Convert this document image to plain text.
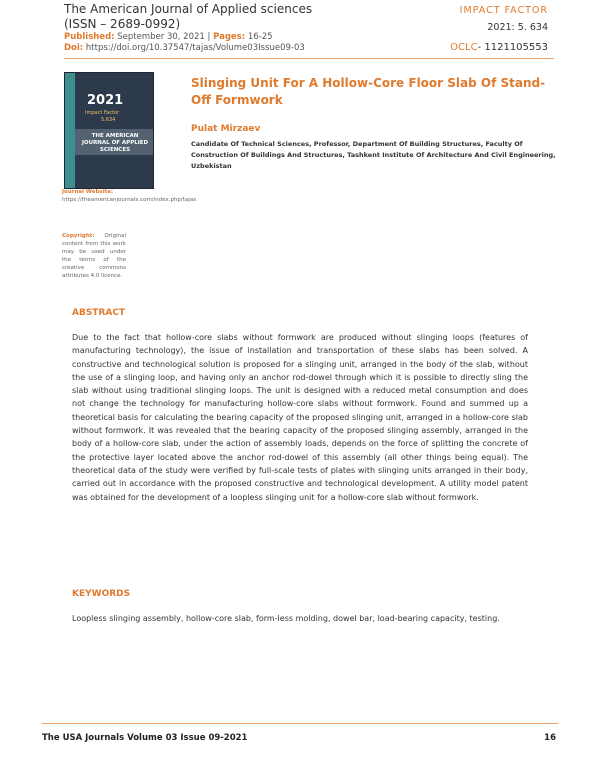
The American Journal of Applied sciences
(ISSN – 2689-0992)
Published: September 30, 2021 | Pages: 16-25
Doi: https://doi.org/10.37547/tajas/Volume03Issue09-03
IMPACT FACTOR
2021: 5. 634
OCLC- 1121105553
2021
Impact Factor
5.634
THE AMERICAN JOURNAL OF APPLIED SCIENCES
Journal Website: https://theamericanjournals.com/index.php/tajas
Copyright: Original content from this work may be used under the terms of the creative commons attributes 4.0 licence.
Slinging Unit For A Hollow-Core Floor Slab Of Stand-Off Formwork
Pulat Mirzaev
Candidate Of Technical Sciences, Professor, Department Of Building Structures, Faculty Of Construction Of Buildings And Structures, Tashkent Institute Of Architecture And Civil Engineering, Uzbekistan
ABSTRACT
Due to the fact that hollow-core slabs without formwork are produced without slinging loops (features of manufacturing technology), the issue of installation and transportation of these slabs has been solved. A constructive and technological solution is proposed for a slinging unit, arranged in the body of the slab, without the use of a slinging loop, and having only an anchor rod-dowel through which it is possible to directly sling the slab without using traditional slinging loops. The unit is designed with a reduced metal consumption and does not change the technology for manufacturing hollow-core slabs without formwork. Found and summed up a theoretical basis for calculating the bearing capacity of the proposed slinging unit, arranged in a hollow-core slab without formwork. It was revealed that the bearing capacity of the proposed slinging assembly, arranged in the body of a hollow-core slab, under the action of assembly loads, depends on the force of splitting the concrete of the protective layer located above the anchor rod-dowel of this assembly (all other things being equal). The theoretical data of the study were verified by full-scale tests of plates with slinging units arranged in their body, carried out in accordance with the proposed constructive and technological development. A utility model patent was obtained for the development of a loopless slinging unit for a hollow-core slab without formwork.
KEYWORDS
Loopless slinging assembly, hollow-core slab, form-less molding, dowel bar, load-bearing capacity, testing.
The USA Journals Volume 03 Issue 09-2021	16
